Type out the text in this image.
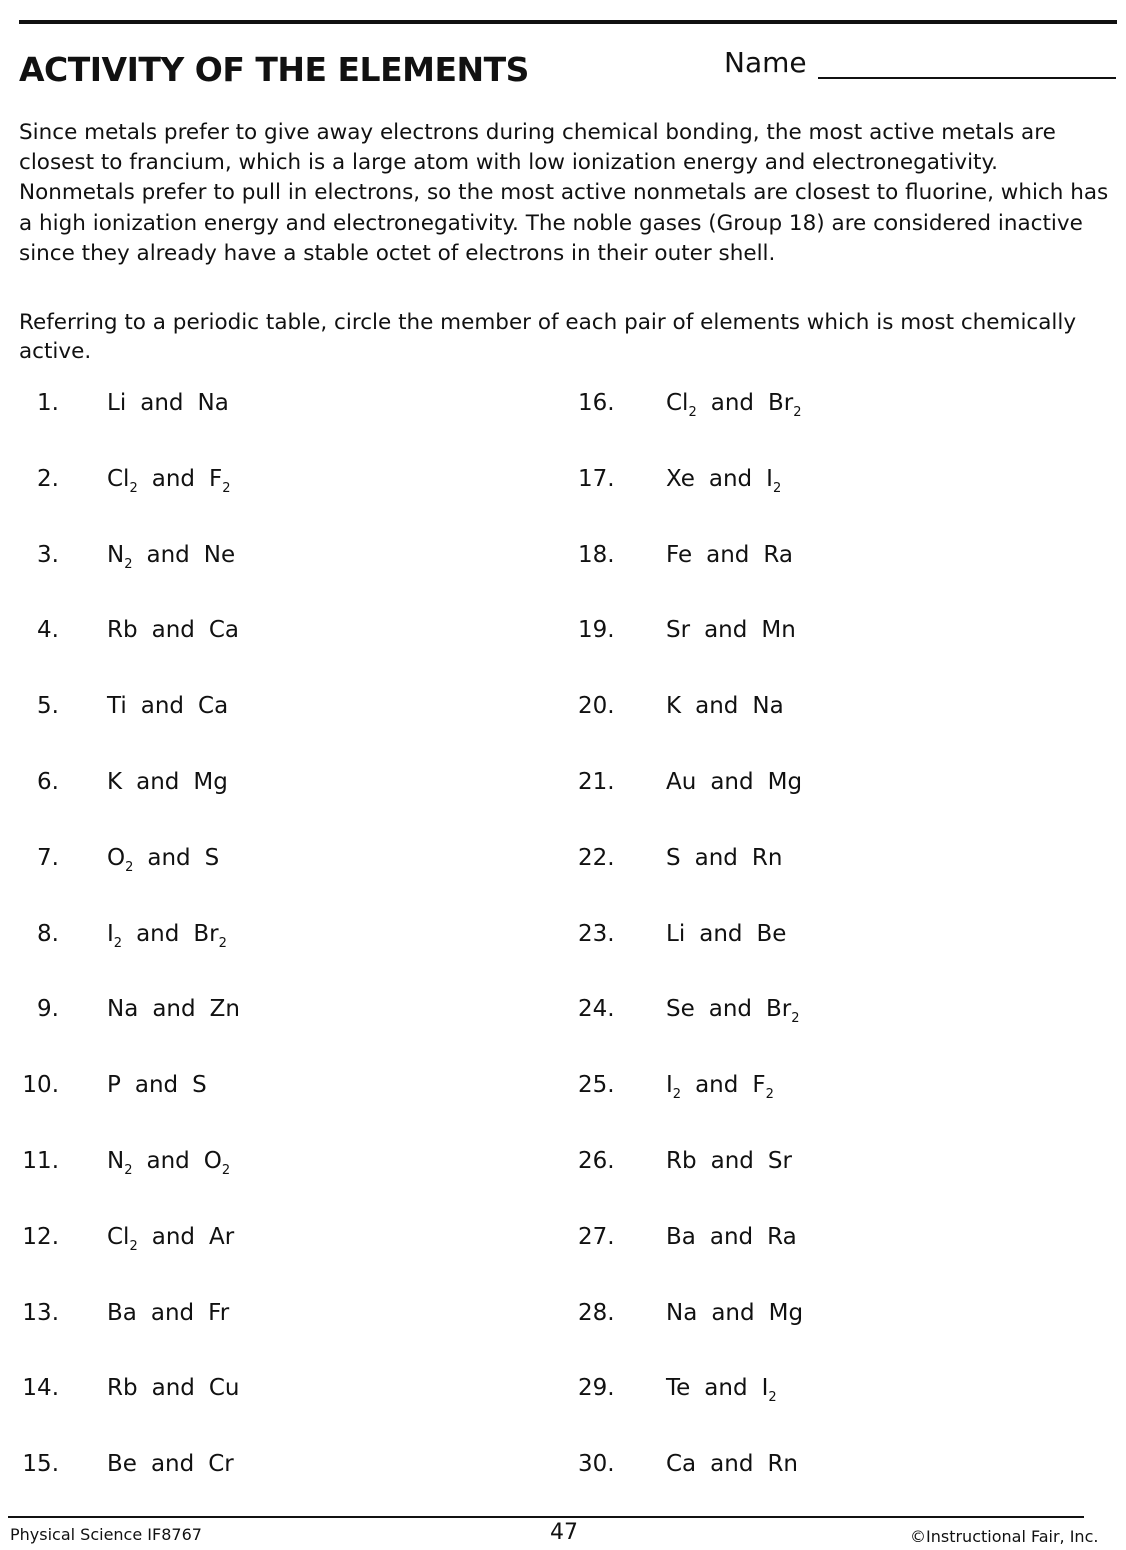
ACTIVITY OF THE ELEMENTS	Name

Since metals prefer to give away electrons during chemical bonding, the most active metals are closest to francium, which is a large atom with low ionization energy and electronegativity. Nonmetals prefer to pull in electrons, so the most active nonmetals are closest to fluorine, which has a high ionization energy and electronegativity. The noble gases (Group 18) are considered inactive since they already have a stable octet of electrons in their outer shell.

Referring to a periodic table, circle the member of each pair of elements which is most chemically active.

1. Li and Na
2. $Cl_2$ and $F_2$
3. $N_2$ and Ne
4. Rb and Ca
5. Ti and Ca
6. K and Mg
7. $O_2$ and S
8. $I_2$ and $Br_2$
9. Na and Zn
10. P and S
11. $N_2$ and $O_2$
12. $Cl_2$ and Ar
13. Ba and Fr
14. Rb and Cu
15. Be and Cr
16. $Cl_2$ and $Br_2$
17. Xe and $I_2$
18. Fe and Ra
19. Sr and Mn
20. K and Na
21. Au and Mg
22. S and Rn
23. Li and Be
24. Se and $Br_2$
25. $I_2$ and $F_2$
26. Rb and Sr
27. Ba and Ra
28. Na and Mg
29. Te and $I_2$
30. Ca and Rn
Physical Science IF8767	47	©Instructional Fair, Inc.
